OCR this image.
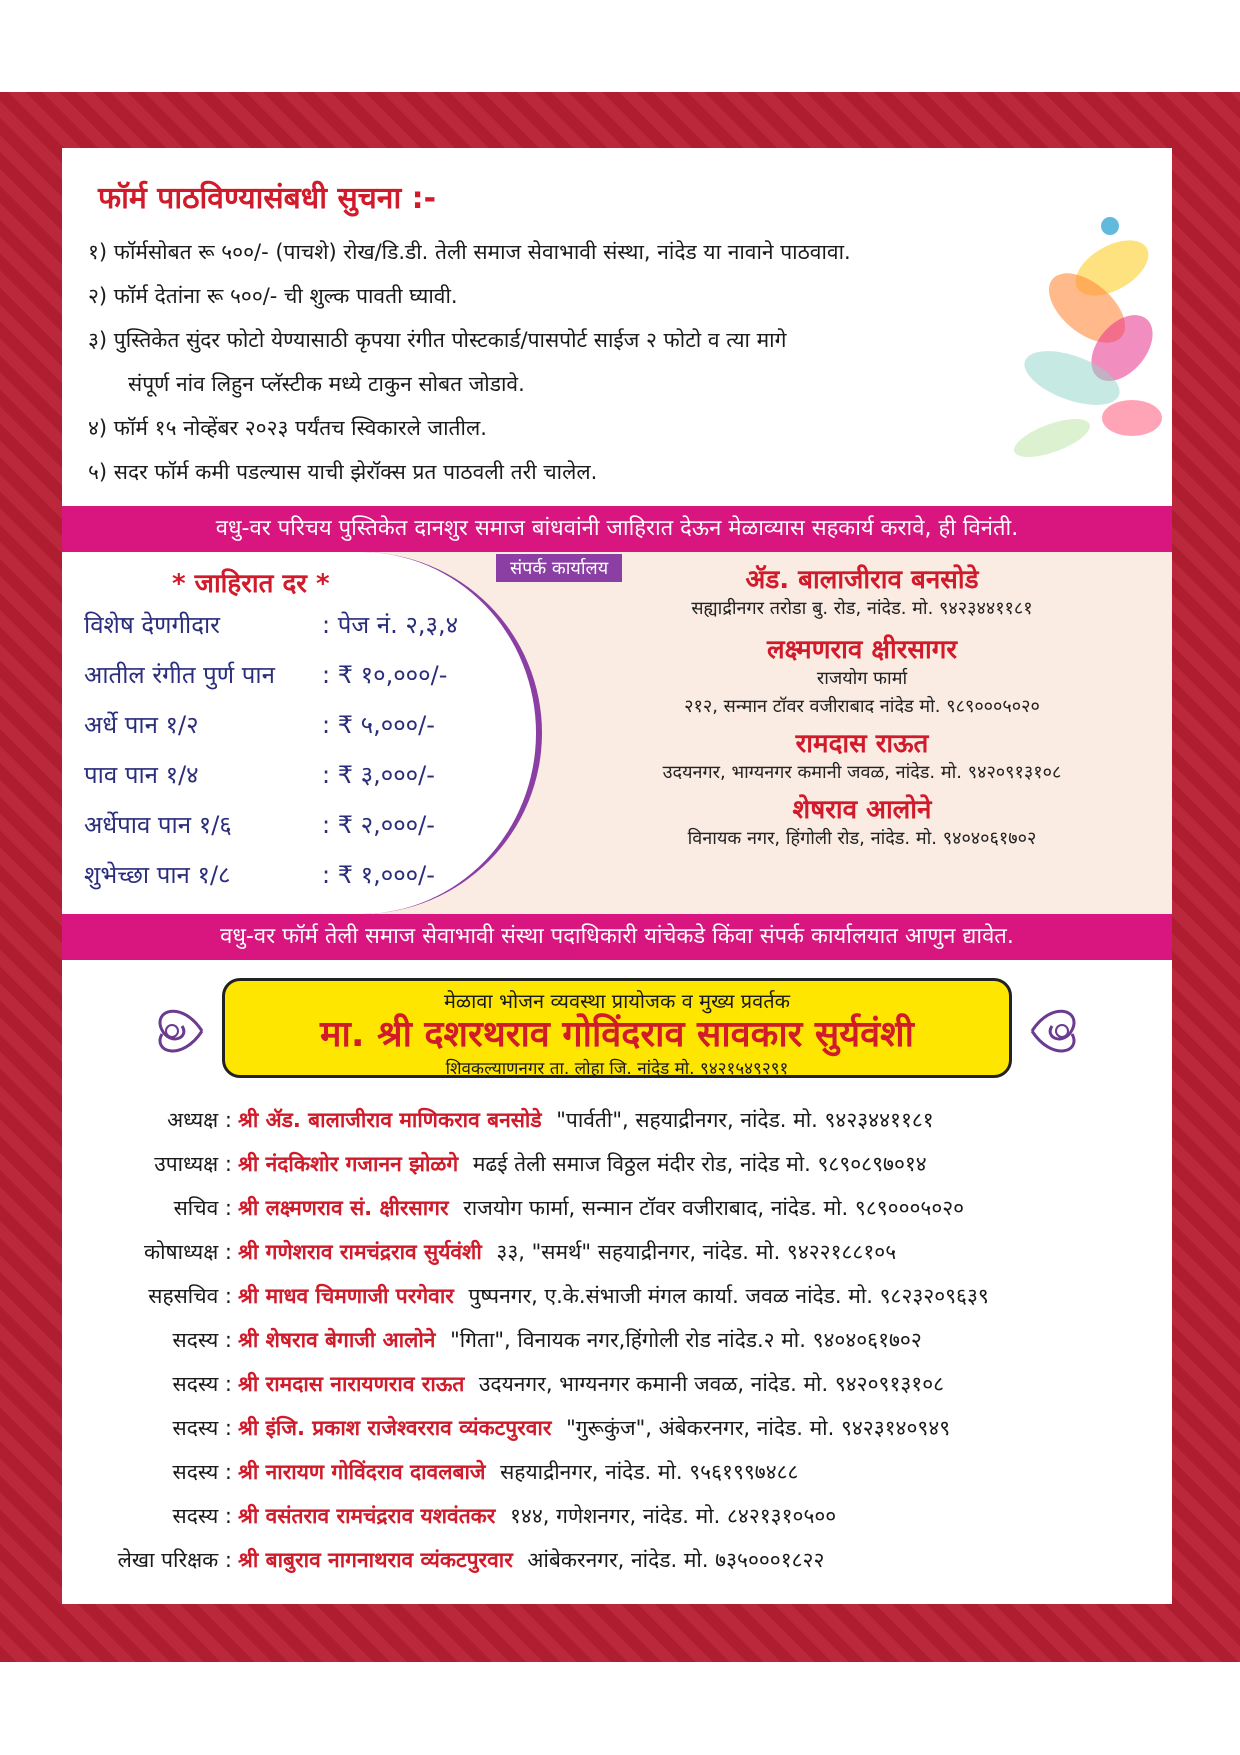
फॉर्म पाठविण्यासंबधी सुचना :-
१) फॉर्मसोबत रू ५००/- (पाचशे) रोख/डि.डी. तेली समाज सेवाभावी संस्था, नांदेड या नावाने पाठवावा.
२) फॉर्म देतांना रू ५००/- ची शुल्क पावती घ्यावी.
३) पुस्तिकेत सुंदर फोटो येण्यासाठी कृपया रंगीत पोस्टकार्ड/पासपोर्ट साईज २ फोटो व त्या मागे
संपूर्ण नांव लिहुन प्लॅस्टीक मध्ये टाकुन सोबत जोडावे.
४) फॉर्म १५ नोव्हेंबर २०२३ पर्यंतच स्विकारले जातील.
५) सदर फॉर्म कमी पडल्यास याची झेरॉक्स प्रत पाठवली तरी चालेल.
वधु-वर परिचय पुस्तिकेत दानशुर समाज बांधवांनी जाहिरात देऊन मेळाव्यास सहकार्य करावे, ही विनंती.
* जाहिरात दर *
विशेष देणगीदार	: पेज नं. २,३,४
आतील रंगीत पुर्ण पान : ₹ १०,०००/-
अर्धे पान १/२	: ₹ ५,०००/-
पाव पान १/४	: ₹ ३,०००/-
अर्धेपाव पान १/६	: ₹ २,०००/-
शुभेच्छा पान १/८	: ₹ १,०००/-
संपर्क कार्यालय	ॲड. बालाजीराव बनसोडे
सह्याद्रीनगर तरोडा बु. रोड, नांदेड. मो. ९४२३४४११८१
लक्ष्मणराव क्षीरसागर
राजयोग फार्मा
२१२, सन्मान टॉवर वजीराबाद नांदेड मो. ९८९०००५०२०
रामदास राऊत
उदयनगर, भाग्यनगर कमानी जवळ, नांदेड. मो. ९४२०९१३१०८
शेषराव आलोने
विनायक नगर, हिंगोली रोड, नांदेड. मो. ९४०४०६१७०२
वधु-वर फॉर्म तेली समाज सेवाभावी संस्था पदाधिकारी यांचेकडे किंवा संपर्क कार्यालयात आणुन द्यावेत.
मेळावा भोजन व्यवस्था प्रायोजक व मुख्य प्रवर्तक
मा. श्री दशरथराव गोविंदराव सावकार सुर्यवंशी
शिवकल्याणनगर ता. लोहा जि. नांदेड मो. ९४२१५४९२९१
अध्यक्ष : श्री ॲड. बालाजीराव माणिकराव बनसोडे "पार्वती", सहयाद्रीनगर, नांदेड. मो. ९४२३४४११८१
उपाध्यक्ष : श्री नंदकिशोर गजानन झोळगे मढई तेली समाज विठ्ठल मंदीर रोड, नांदेड मो. ९८९०८९७०१४
सचिव : श्री लक्ष्मणराव सं. क्षीरसागर राजयोग फार्मा, सन्मान टॉवर वजीराबाद, नांदेड. मो. ९८९०००५०२०
कोषाध्यक्ष : श्री गणेशराव रामचंद्रराव सुर्यवंशी ३३, "समर्थ" सहयाद्रीनगर, नांदेड. मो. ९४२२१८८१०५
सहसचिव : श्री माधव चिमणाजी परगेवार पुष्पनगर, ए.के.संभाजी मंगल कार्या. जवळ नांदेड. मो. ९८२३२०९६३९
सदस्य : श्री शेषराव बेगाजी आलोने "गिता", विनायक नगर,हिंगोली रोड नांदेड.२ मो. ९४०४०६१७०२
सदस्य : श्री रामदास नारायणराव राऊत उदयनगर, भाग्यनगर कमानी जवळ, नांदेड. मो. ९४२०९१३१०८
सदस्य : श्री इंजि. प्रकाश राजेश्वरराव व्यंकटपुरवार "गुरूकुंज", अंबेकरनगर, नांदेड. मो. ९४२३१४०९४९
सदस्य : श्री नारायण गोविंदराव दावलबाजे सहयाद्रीनगर, नांदेड. मो. ९५६१९९७४८८
सदस्य : श्री वसंतराव रामचंद्रराव यशवंतकर १४४, गणेशनगर, नांदेड. मो. ८४२१३१०५००
लेखा परिक्षक : श्री बाबुराव नागनाथराव व्यंकटपुरवार आंबेकरनगर, नांदेड. मो. ७३५०००१८२२
